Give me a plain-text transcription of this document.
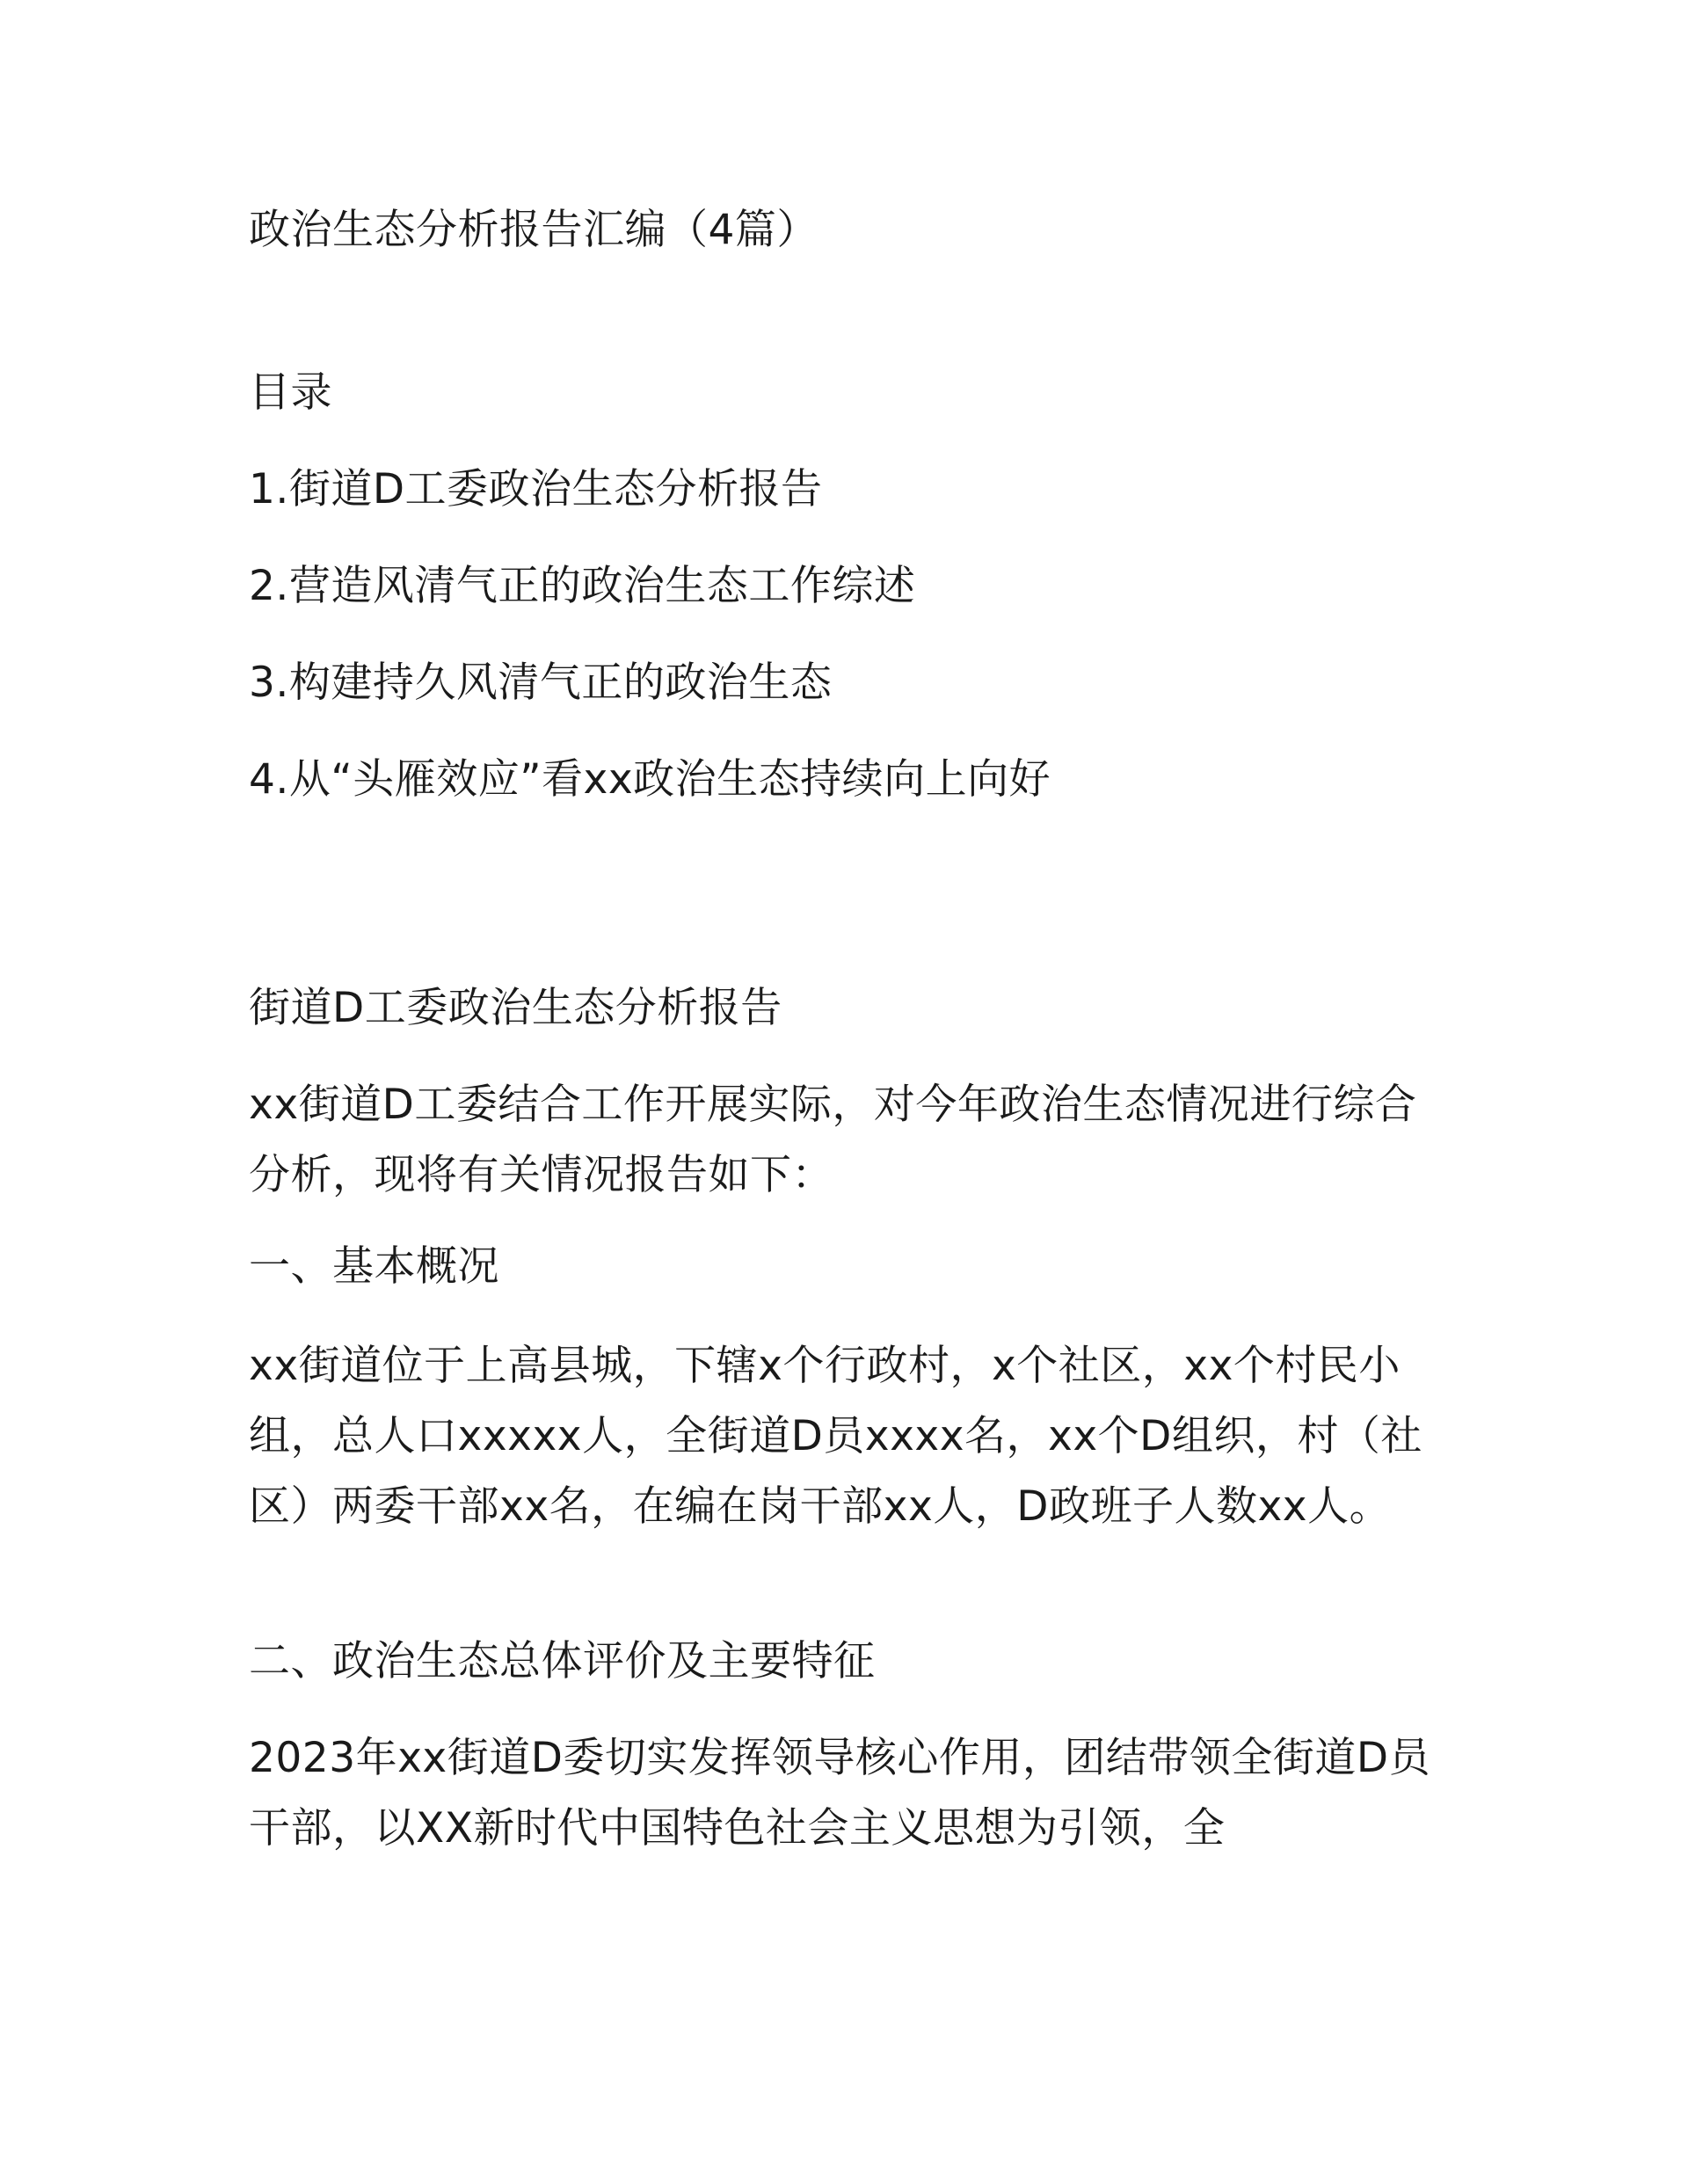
政治生态分析报告汇编（4篇）
目录
1.街道D工委政治生态分析报告
2.营造风清气正的政治生态工作综述
3.构建持久风清气正的政治生态
4.从“头雁效应”看xx政治生态持续向上向好
街道D工委政治生态分析报告
xx街道D工委结合工作开展实际，对今年政治生态情况进行综合分析，现将有关情况报告如下：
一、基本概况
xx街道位于上高县城，下辖x个行政村，x个社区，xx个村民小组，总人口xxxxx人，全街道D员xxxx名，xx个D组织，村（社区）两委干部xx名，在编在岗干部xx人，D政班子人数xx人。
二、政治生态总体评价及主要特征
2023年xx街道D委切实发挥领导核心作用，团结带领全街道D员干部，以XX新时代中国特色社会主义思想为引领，全
